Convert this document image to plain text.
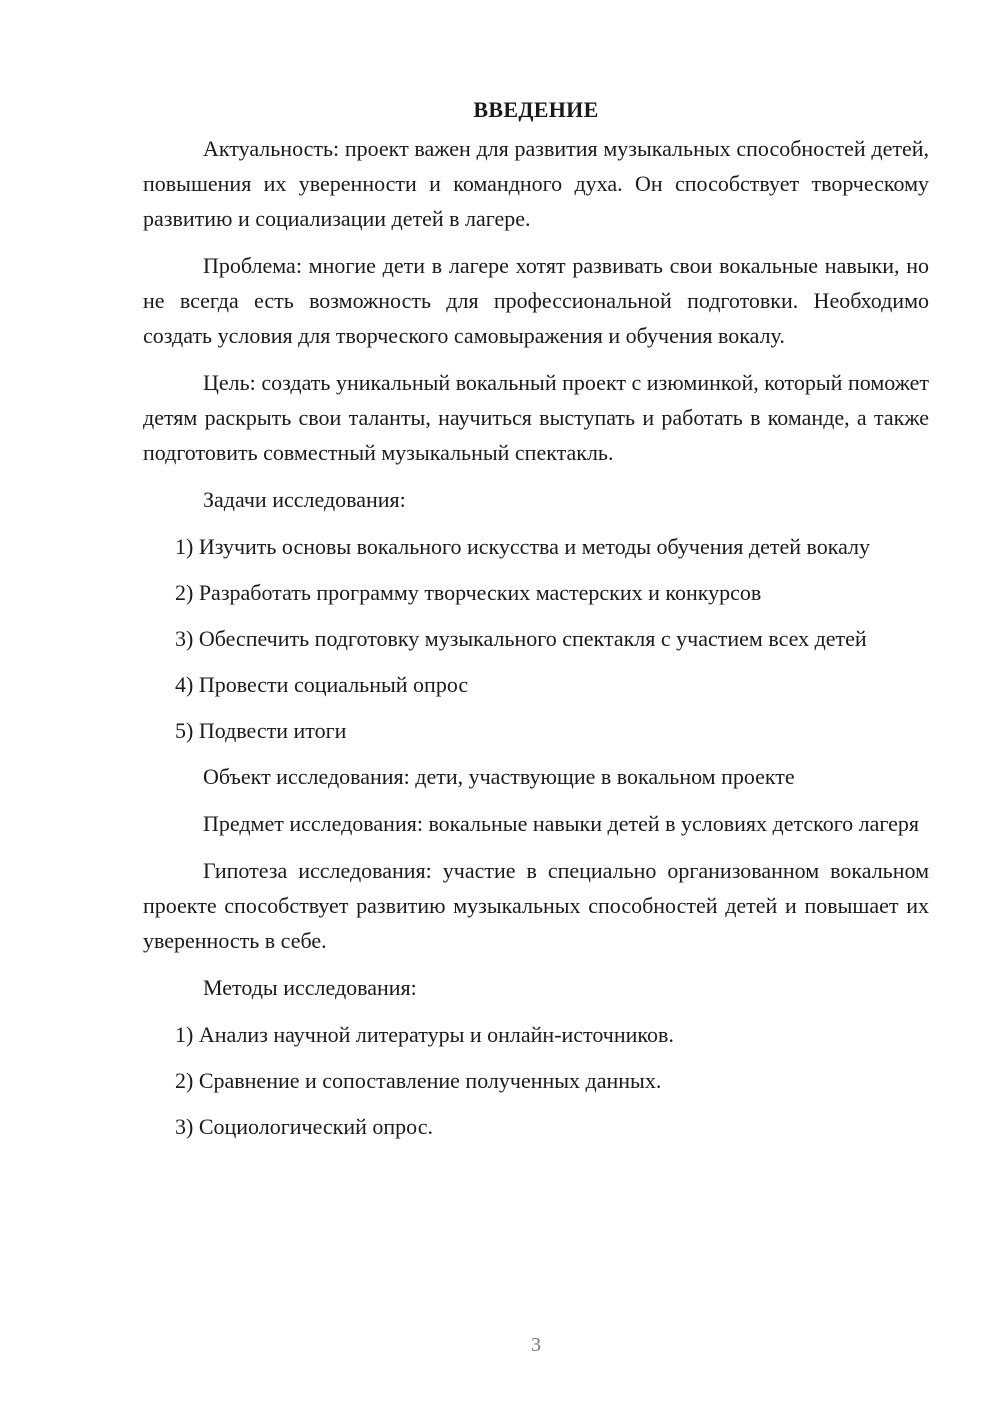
ВВЕДЕНИЕ

Актуальность: проект важен для развития музыкальных способностей детей, повышения их уверенности и командного духа. Он способствует творческому развитию и социализации детей в лагере.

Проблема: многие дети в лагере хотят развивать свои вокальные навыки, но не всегда есть возможность для профессиональной подготовки. Необходимо создать условия для творческого самовыражения и обучения вокалу.

Цель: создать уникальный вокальный проект с изюминкой, который поможет детям раскрыть свои таланты, научиться выступать и работать в команде, а также подготовить совместный музыкальный спектакль.

Задачи исследования:

1) Изучить основы вокального искусства и методы обучения детей вокалу

2) Разработать программу творческих мастерских и конкурсов

3) Обеспечить подготовку музыкального спектакля с участием всех детей

4) Провести социальный опрос

5) Подвести итоги

Объект исследования: дети, участвующие в вокальном проекте

Предмет исследования: вокальные навыки детей в условиях детского лагеря

Гипотеза исследования: участие в специально организованном вокальном проекте способствует развитию музыкальных способностей детей и повышает их уверенность в себе.

Методы исследования:

1) Анализ научной литературы и онлайн-источников.

2) Сравнение и сопоставление полученных данных.

3) Социологический опрос.

3
